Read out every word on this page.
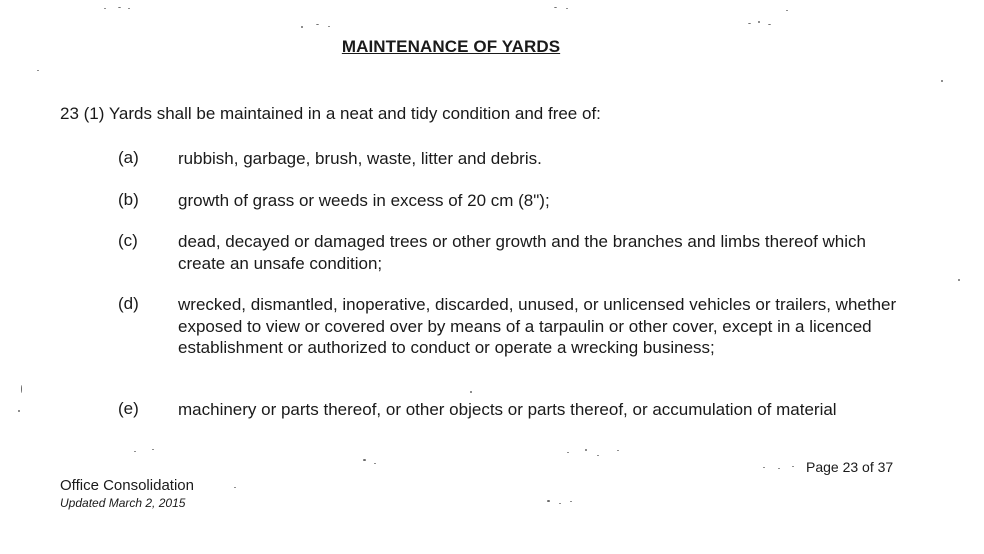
MAINTENANCE OF YARDS
23 (1) Yards shall be maintained in a neat and tidy condition and free of:
(a) rubbish, garbage, brush, waste, litter and debris.
(b) growth of grass or weeds in excess of 20 cm (8");
(c) dead, decayed or damaged trees or other growth and the branches and limbs thereof which create an unsafe condition;
(d) wrecked, dismantled, inoperative, discarded, unused, or unlicensed vehicles or trailers, whether exposed to view or covered over by means of a tarpaulin or other cover, except in a licenced establishment or authorized to conduct or operate a wrecking business;
(e) machinery or parts thereof, or other objects or parts thereof, or accumulation of material
Page 23 of 37
Office Consolidation
Updated March 2, 2015
